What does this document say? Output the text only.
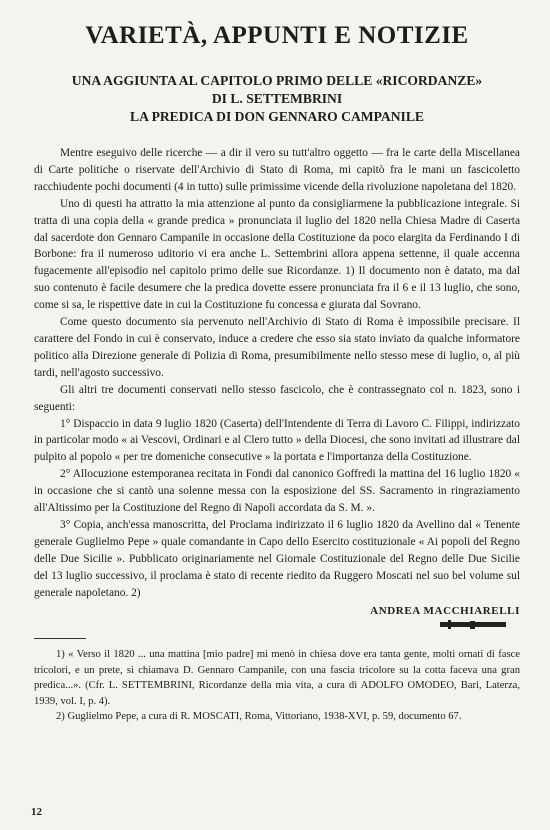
VARIETÀ, APPUNTI E NOTIZIE
UNA AGGIUNTA AL CAPITOLO PRIMO DELLE «RICORDANZE»
DI L. SETTEMBRINI
LA PREDICA DI DON GENNARO CAMPANILE

Mentre eseguivo delle ricerche — a dir il vero su tutt'altro oggetto — fra le carte della Miscellanea di Carte politiche o riservate dell'Archivio di Stato di Roma, mi capitò fra le mani un fascicoletto racchiudente pochi documenti (4 in tutto) sulle primissime vicende della rivoluzione napoletana del 1820.

Uno di questi ha attratto la mia attenzione al punto da consigliarmene la pubblicazione integrale. Si tratta di una copia della « grande predica » pronunciata il luglio del 1820 nella Chiesa Madre di Caserta dal sacerdote don Gennaro Campanile in occasione della Costituzione da poco elargita da Ferdinando I di Borbone: fra il numeroso uditorio vi era anche L. Settembrini allora appena settenne, il quale accenna fugacemente all'episodio nel capitolo primo delle sue Ricordanze. 1) Il documento non è datato, ma dal suo contenuto è facile desumere che la predica dovette essere pronunciata fra il 6 e il 13 luglio, che sono, come si sa, le rispettive date in cui la Costituzione fu concessa e giurata dal Sovrano.

Come questo documento sia pervenuto nell'Archivio di Stato di Roma è impossibile precisare. Il carattere del Fondo in cui è conservato, induce a credere che esso sia stato inviato da qualche informatore politico alla Direzione generale di Polizia di Roma, presumibilmente nello stesso mese di luglio, o, al più tardi, nell'agosto successivo.

Gli altri tre documenti conservati nello stesso fascicolo, che è contrassegnato col n. 1823, sono i seguenti:

1° Dispaccio in data 9 luglio 1820 (Caserta) dell'Intendente di Terra di Lavoro C. Filippi, indirizzato in particolar modo « ai Vescovi, Ordinari e al Clero tutto » della Diocesi, che sono invitati ad illustrare dal pulpito al popolo « per tre domeniche consecutive » la portata e l'importanza della Costituzione.

2° Allocuzione estemporanea recitata in Fondi dal canonico Goffredi la mattina del 16 luglio 1820 « in occasione che si cantò una solenne messa con la esposizione del SS. Sacramento in ringraziamento all'Altissimo per la Costituzione del Regno di Napoli accordata da S. M. ».

3° Copia, anch'essa manoscritta, del Proclama indirizzato il 6 luglio 1820 da Avellino dal « Tenente generale Guglielmo Pepe » quale comandante in Capo dello Esercito costituzionale « Ai popoli del Regno delle Due Sicilie ». Pubblicato originariamente nel Giornale Costituzionale del Regno delle Due Sicilie del 13 luglio successivo, il proclama è stato di recente riedito da Ruggero Moscati nel suo bel volume sul generale napoletano. 2)

ANDREA MACCHIARELLI

1) « Verso il 1820 ... una mattina [mio padre] mi menò in chiesa dove era tanta gente, molti ornati di fasce tricolori, e un prete, si chiamava D. Gennaro Campanile, con una fascia tricolore su la cotta faceva una gran predica...». (Cfr. L. SETTEMBRINI, Ricordanze della mia vita, a cura di ADOLFO OMODEO, Bari, Laterza, 1939, vol. I, p. 4).

2) Guglielmo Pepe, a cura di R. MOSCATI, Roma, Vittoriano, 1938-XVI, p. 59, documento 67.

12
